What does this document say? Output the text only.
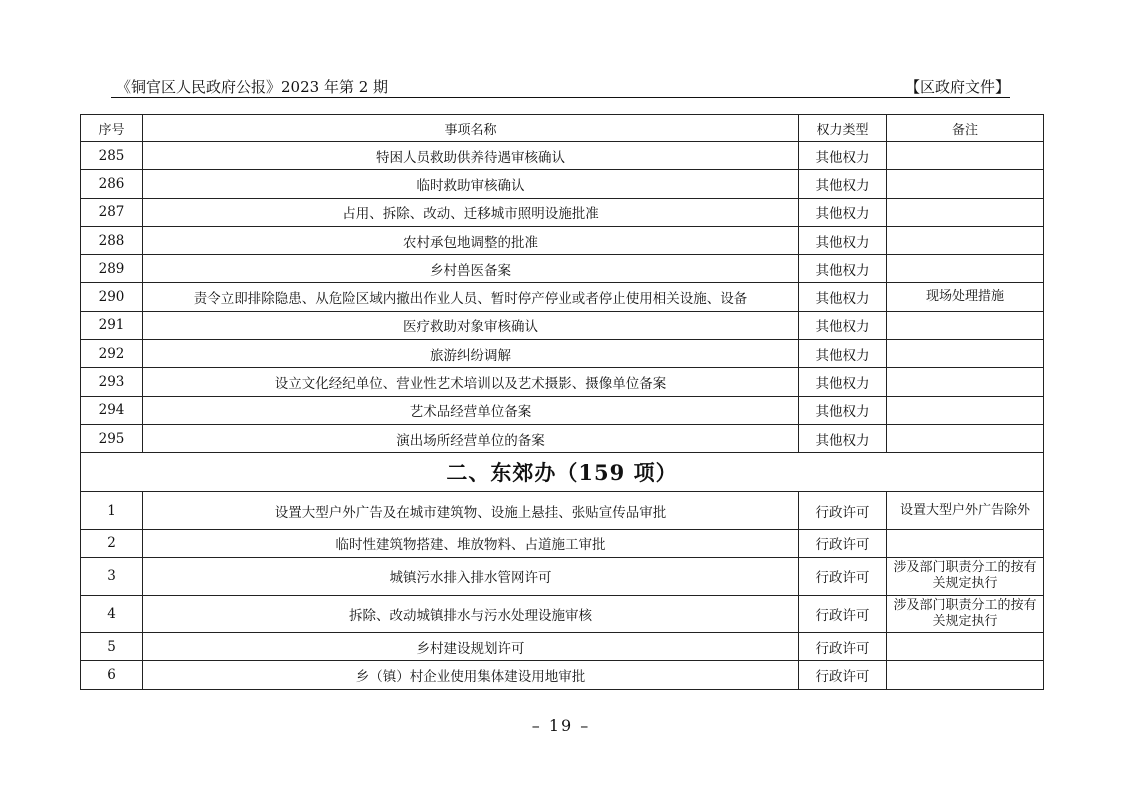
《铜官区人民政府公报》2023 年第 2 期	【区政府文件】
序号	事项名称	权力类型	备注
285	特困人员救助供养待遇审核确认	其他权力	
286	临时救助审核确认	其他权力	
287	占用、拆除、改动、迁移城市照明设施批准	其他权力	
288	农村承包地调整的批准	其他权力	
289	乡村兽医备案	其他权力	
290	责令立即排除隐患、从危险区域内撤出作业人员、暂时停产停业或者停止使用相关设施、设备	其他权力	现场处理措施
291	医疗救助对象审核确认	其他权力	
292	旅游纠纷调解	其他权力	
293	设立文化经纪单位、营业性艺术培训以及艺术摄影、摄像单位备案	其他权力	
294	艺术品经营单位备案	其他权力	
295	演出场所经营单位的备案	其他权力	
二、东郊办（159 项）			
1	设置大型户外广告及在城市建筑物、设施上悬挂、张贴宣传品审批	行政许可	设置大型户外广告除外
2	临时性建筑物搭建、堆放物料、占道施工审批	行政许可	
3	城镇污水排入排水管网许可	行政许可	涉及部门职责分工的按有关规定执行
4	拆除、改动城镇排水与污水处理设施审核	行政许可	涉及部门职责分工的按有关规定执行
5	乡村建设规划许可	行政许可	
6	乡（镇）村企业使用集体建设用地审批	行政许可	
– 19 –
